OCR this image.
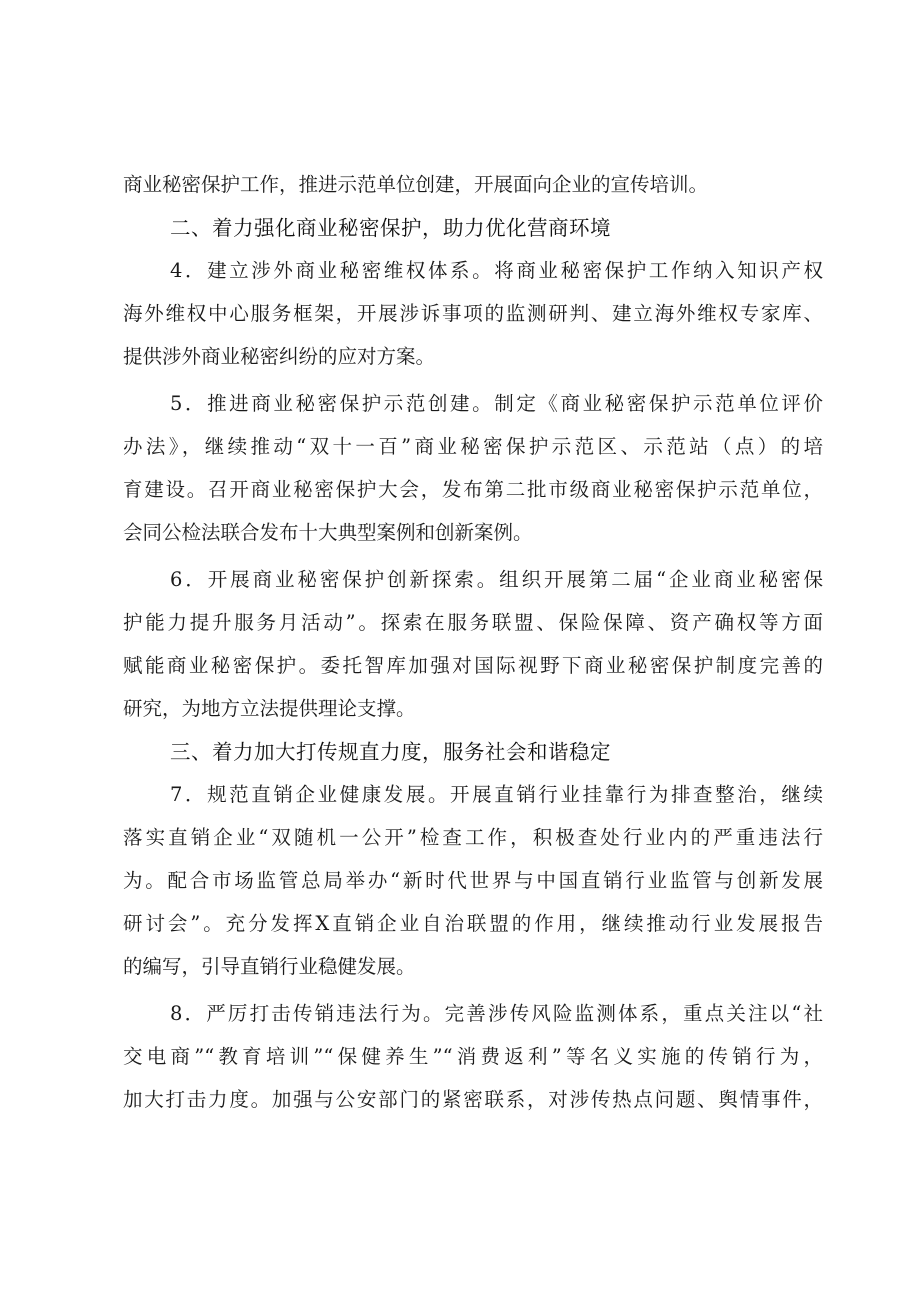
商业秘密保护工作，推进示范单位创建，开展面向企业的宣传培训。
二、着力强化商业秘密保护，助力优化营商环境
4．建立涉外商业秘密维权体系。将商业秘密保护工作纳入知识产权
海外维权中心服务框架，开展涉诉事项的监测研判、建立海外维权专家库、
提供涉外商业秘密纠纷的应对方案。
5．推进商业秘密保护示范创建。制定《商业秘密保护示范单位评价
办法》，继续推动“双十一百”商业秘密保护示范区、示范站（点）的培
育建设。召开商业秘密保护大会，发布第二批市级商业秘密保护示范单位，
会同公检法联合发布十大典型案例和创新案例。
6．开展商业秘密保护创新探索。组织开展第二届“企业商业秘密保
护能力提升服务月活动”。探索在服务联盟、保险保障、资产确权等方面
赋能商业秘密保护。委托智库加强对国际视野下商业秘密保护制度完善的
研究，为地方立法提供理论支撑。
三、着力加大打传规直力度，服务社会和谐稳定
7．规范直销企业健康发展。开展直销行业挂靠行为排查整治，继续
落实直销企业“双随机一公开”检查工作，积极查处行业内的严重违法行
为。配合市场监管总局举办“新时代世界与中国直销行业监管与创新发展
研讨会”。充分发挥X直销企业自治联盟的作用，继续推动行业发展报告
的编写，引导直销行业稳健发展。
8．严厉打击传销违法行为。完善涉传风险监测体系，重点关注以“社
交电商”“教育培训”“保健养生”“消费返利”等名义实施的传销行为，
加大打击力度。加强与公安部门的紧密联系，对涉传热点问题、舆情事件，
